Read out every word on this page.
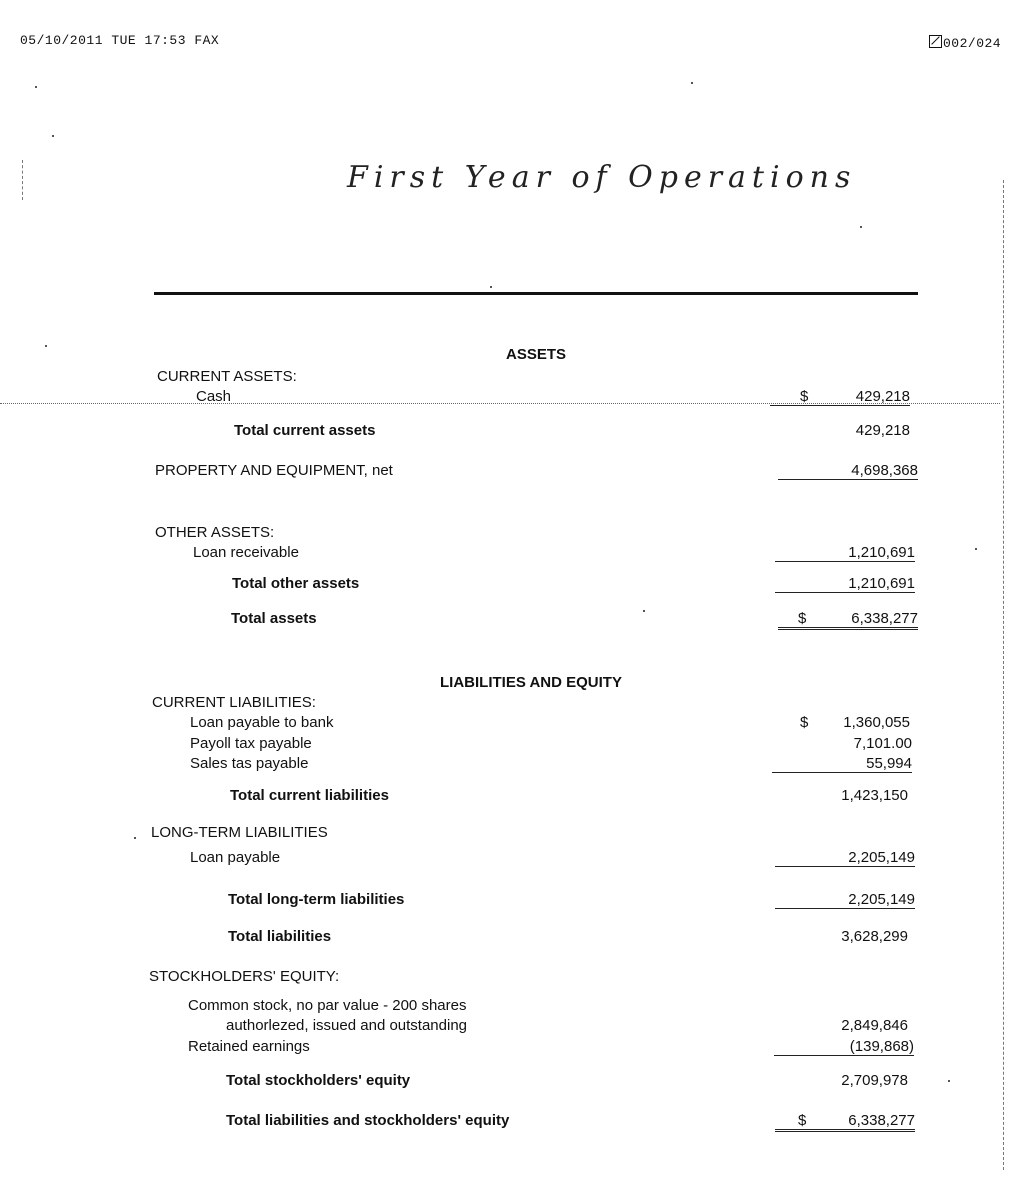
05/10/2011 TUE 17:53 FAX	002/024
First Year of Operations
ASSETS
CURRENT ASSETS:
Cash	$	429,218
Total current assets	429,218
PROPERTY AND EQUIPMENT, net	4,698,368
OTHER ASSETS:
Loan receivable	1,210,691
Total other assets	1,210,691
Total assets	$	6,338,277
LIABILITIES AND EQUITY
CURRENT LIABILITIES:
Loan payable to bank	$	1,360,055
Payoll tax payable	7,101.00
Sales tas payable	55,994
Total current liabilities	1,423,150
LONG-TERM LIABILITIES
Loan payable	2,205,149
Total long-term liabilities	2,205,149
Total liabilities	3,628,299
STOCKHOLDERS' EQUITY:
Common stock, no par value - 200 shares
authorlezed, issued and outstanding	2,849,846
Retained earnings	(139,868)
Total stockholders' equity	2,709,978
Total liabilities and stockholders' equity	$	6,338,277
